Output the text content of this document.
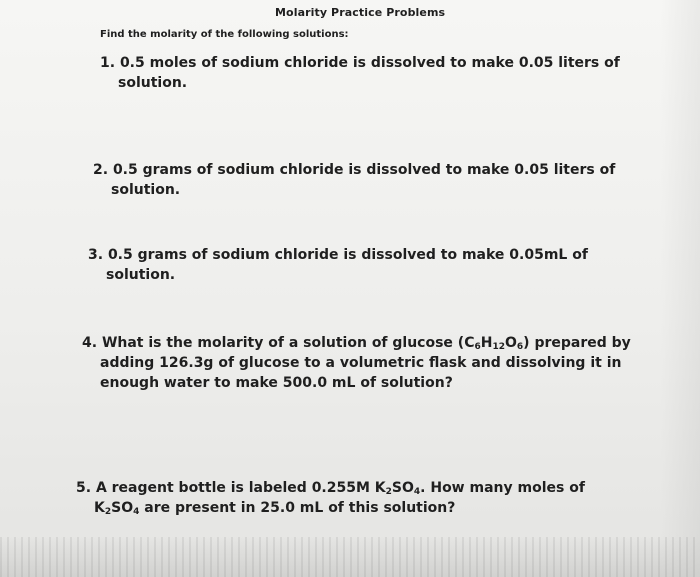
Molarity Practice Problems
Find the molarity of the following solutions:
1. 0.5 moles of sodium chloride is dissolved to make 0.05 liters of
solution.
2. 0.5 grams of sodium chloride is dissolved to make 0.05 liters of
solution.
3. 0.5 grams of sodium chloride is dissolved to make 0.05mL of
solution.
4. What is the molarity of a solution of glucose $(C_6H_{12}O_6)$ prepared by
adding 126.3g of glucose to a volumetric flask and dissolving it in
enough water to make 500.0 mL of solution?
5. A reagent bottle is labeled 0.255M $K_2SO_4$. How many moles of
$K_2SO_4$ are present in 25.0 mL of this solution?
